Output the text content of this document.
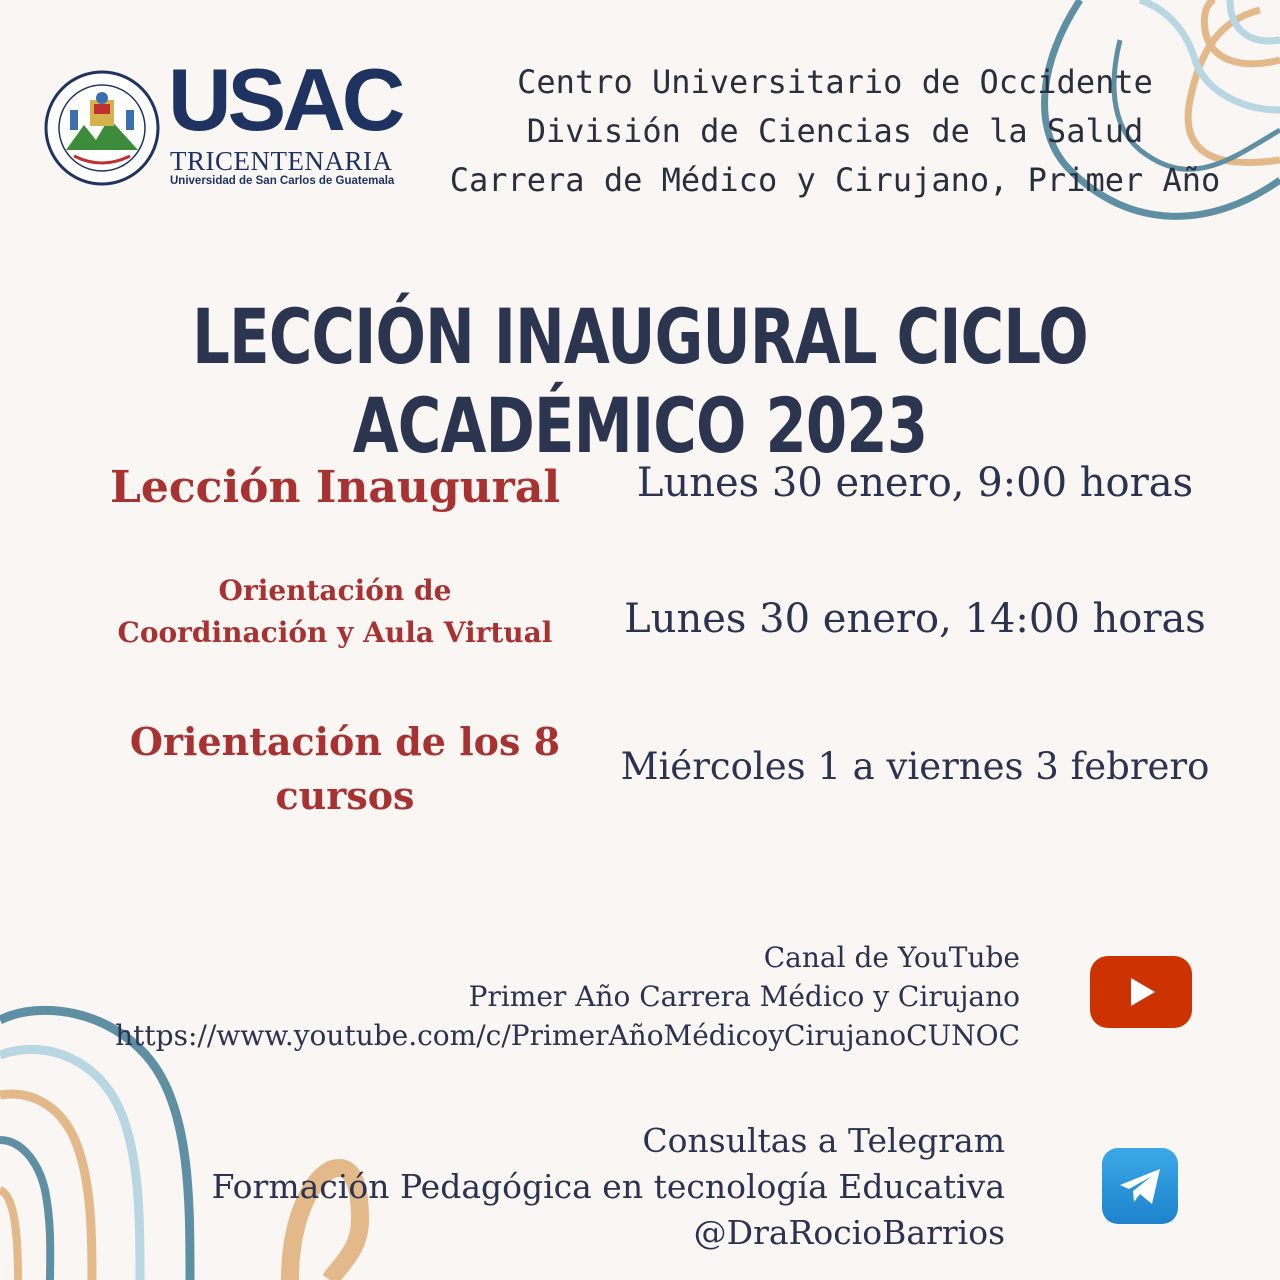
USAC
TRICENTENARIA
Universidad de San Carlos de Guatemala
Centro Universitario de Occidente
División de Ciencias de la Salud
Carrera de Médico y Cirujano, Primer Año
LECCIÓN INAUGURAL CICLO ACADÉMICO 2023
Lección Inaugural	Lunes 30 enero, 9:00 horas
Orientación de
Coordinación y Aula Virtual	Lunes 30 enero, 14:00 horas
Orientación de los 8
cursos
Miércoles 1 a viernes 3 febrero
Canal de YouTube
Primer Año Carrera Médico y Cirujano
https://www.youtube.com/c/PrimerAñoMédicoyCirujanoCUNOC
Consultas a Telegram
Formación Pedagógica en tecnología Educativa
@DraRocioBarrios
